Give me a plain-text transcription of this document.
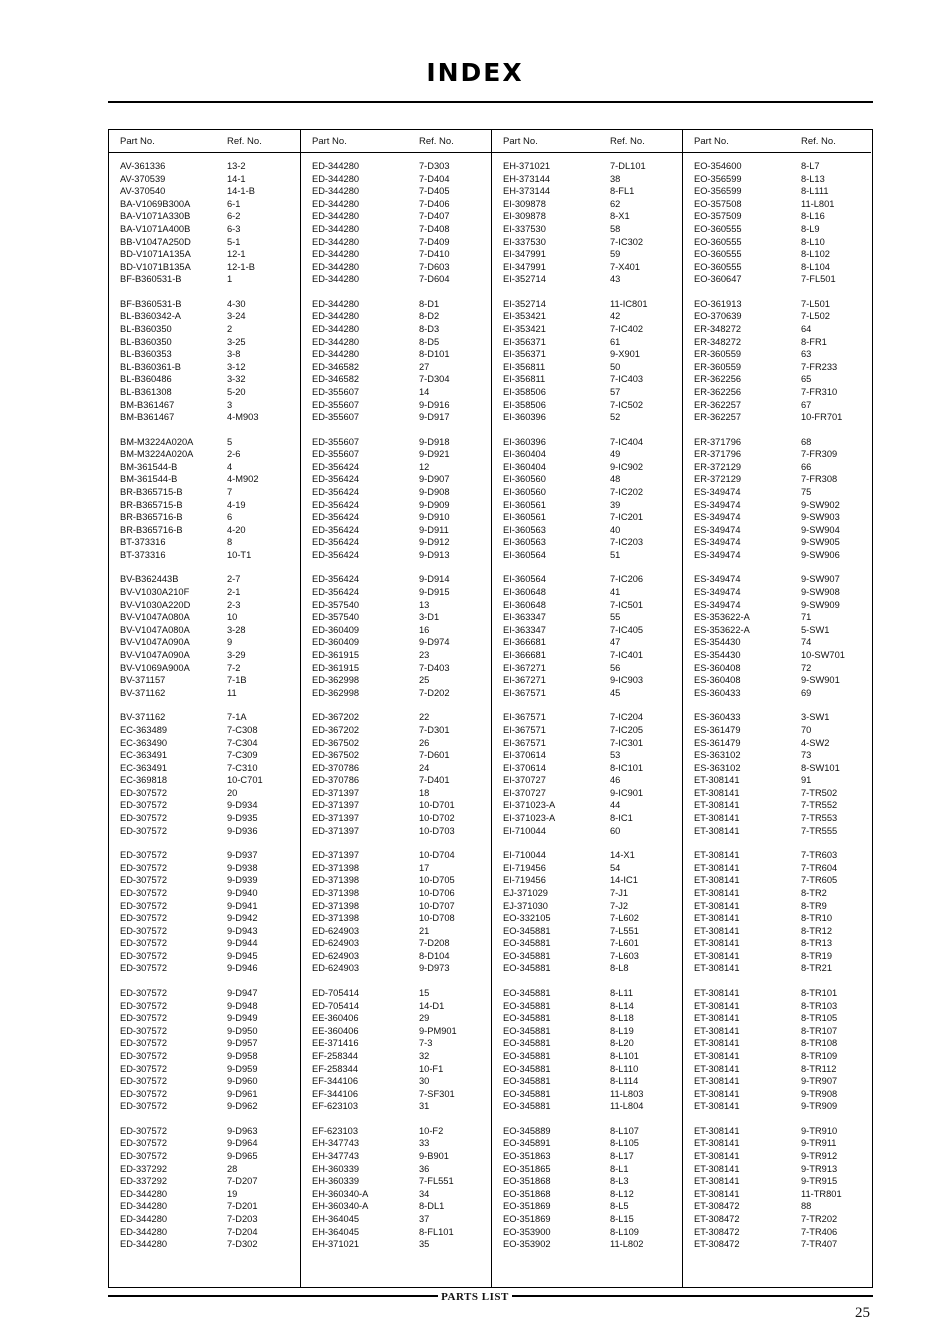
INDEX
Part No.	Ref. No.
AV-361336	13-2
AV-370539	14-1
AV-370540	14-1-B
BA-V1069B300A	6-1
BA-V1071A330B	6-2
BA-V1071A400B	6-3
BB-V1047A250D	5-1
BD-V1071A135A	12-1
BD-V1071B135A	12-1-B
BF-B360531-B	1
BF-B360531-B	4-30
BL-B360342-A	3-24
BL-B360350	2
BL-B360350	3-25
BL-B360353	3-8
BL-B360361-B	3-12
BL-B360486	3-32
BL-B361308	5-20
BM-B361467	3
BM-B361467	4-M903
BM-M3224A020A	5
BM-M3224A020A	2-6
BM-361544-B	4
BM-361544-B	4-M902
BR-B365715-B	7
BR-B365715-B	4-19
BR-B365716-B	6
BR-B365716-B	4-20
BT-373316	8
BT-373316	10-T1
BV-B362443B	2-7
BV-V1030A210F	2-1
BV-V1030A220D	2-3
BV-V1047A080A	10
BV-V1047A080A	3-28
BV-V1047A090A	9
BV-V1047A090A	3-29
BV-V1069A900A	7-2
BV-371157	7-1B
BV-371162	11
BV-371162	7-1A
EC-363489	7-C308
EC-363490	7-C304
EC-363491	7-C309
EC-363491	7-C310
EC-369818	10-C701
ED-307572	20
ED-307572	9-D934
ED-307572	9-D935
ED-307572	9-D936
ED-307572	9-D937
ED-307572	9-D938
ED-307572	9-D939
ED-307572	9-D940
ED-307572	9-D941
ED-307572	9-D942
ED-307572	9-D943
ED-307572	9-D944
ED-307572	9-D945
ED-307572	9-D946
ED-307572	9-D947
ED-307572	9-D948
ED-307572	9-D949
ED-307572	9-D950
ED-307572	9-D957
ED-307572	9-D958
ED-307572	9-D959
ED-307572	9-D960
ED-307572	9-D961
ED-307572	9-D962
ED-307572	9-D963
ED-307572	9-D964
ED-307572	9-D965
ED-337292	28
ED-337292	7-D207
ED-344280	19
ED-344280	7-D201
ED-344280	7-D203
ED-344280	7-D204
ED-344280	7-D302
Part No.	Ref. No.
ED-344280	7-D303
ED-344280	7-D404
ED-344280	7-D405
ED-344280	7-D406
ED-344280	7-D407
ED-344280	7-D408
ED-344280	7-D409
ED-344280	7-D410
ED-344280	7-D603
ED-344280	7-D604
ED-344280	8-D1
ED-344280	8-D2
ED-344280	8-D3
ED-344280	8-D5
ED-344280	8-D101
ED-346582	27
ED-346582	7-D304
ED-355607	14
ED-355607	9-D916
ED-355607	9-D917
ED-355607	9-D918
ED-355607	9-D921
ED-356424	12
ED-356424	9-D907
ED-356424	9-D908
ED-356424	9-D909
ED-356424	9-D910
ED-356424	9-D911
ED-356424	9-D912
ED-356424	9-D913
ED-356424	9-D914
ED-356424	9-D915
ED-357540	13
ED-357540	3-D1
ED-360409	16
ED-360409	9-D974
ED-361915	23
ED-361915	7-D403
ED-362998	25
ED-362998	7-D202
ED-367202	22
ED-367202	7-D301
ED-367502	26
ED-367502	7-D601
ED-370786	24
ED-370786	7-D401
ED-371397	18
ED-371397	10-D701
ED-371397	10-D702
ED-371397	10-D703
ED-371397	10-D704
ED-371398	17
ED-371398	10-D705
ED-371398	10-D706
ED-371398	10-D707
ED-371398	10-D708
ED-624903	21
ED-624903	7-D208
ED-624903	8-D104
ED-624903	9-D973
ED-705414	15
ED-705414	14-D1
EE-360406	29
EE-360406	9-PM901
EE-371416	7-3
EF-258344	32
EF-258344	10-F1
EF-344106	30
EF-344106	7-SF301
EF-623103	31
EF-623103	10-F2
EH-347743	33
EH-347743	9-B901
EH-360339	36
EH-360339	7-FL551
EH-360340-A	34
EH-360340-A	8-DL1
EH-364045	37
EH-364045	8-FL101
EH-371021	35
Part No.	Ref. No.
EH-371021	7-DL101
EH-373144	38
EH-373144	8-FL1
EI-309878	62
EI-309878	8-X1
EI-337530	58
EI-337530	7-IC302
EI-347991	59
EI-347991	7-X401
EI-352714	43
EI-352714	11-IC801
EI-353421	42
EI-353421	7-IC402
EI-356371	61
EI-356371	9-X901
EI-356811	50
EI-356811	7-IC403
EI-358506	57
EI-358506	7-IC502
EI-360396	52
EI-360396	7-IC404
EI-360404	49
EI-360404	9-IC902
EI-360560	48
EI-360560	7-IC202
EI-360561	39
EI-360561	7-IC201
EI-360563	40
EI-360563	7-IC203
EI-360564	51
EI-360564	7-IC206
EI-360648	41
EI-360648	7-IC501
EI-363347	55
EI-363347	7-IC405
EI-366681	47
EI-366681	7-IC401
EI-367271	56
EI-367271	9-IC903
EI-367571	45
EI-367571	7-IC204
EI-367571	7-IC205
EI-367571	7-IC301
EI-370614	53
EI-370614	8-IC101
EI-370727	46
EI-370727	9-IC901
EI-371023-A	44
EI-371023-A	8-IC1
EI-710044	60
EI-710044	14-X1
EI-719456	54
EI-719456	14-IC1
EJ-371029	7-J1
EJ-371030	7-J2
EO-332105	7-L602
EO-345881	7-L551
EO-345881	7-L601
EO-345881	7-L603
EO-345881	8-L8
EO-345881	8-L11
EO-345881	8-L14
EO-345881	8-L18
EO-345881	8-L19
EO-345881	8-L20
EO-345881	8-L101
EO-345881	8-L110
EO-345881	8-L114
EO-345881	11-L803
EO-345881	11-L804
EO-345889	8-L107
EO-345891	8-L105
EO-351863	8-L17
EO-351865	8-L1
EO-351868	8-L3
EO-351868	8-L12
EO-351869	8-L5
EO-351869	8-L15
EO-353900	8-L109
EO-353902	11-L802
Part No.	Ref. No.
EO-354600	8-L7
EO-356599	8-L13
EO-356599	8-L111
EO-357508	11-L801
EO-357509	8-L16
EO-360555	8-L9
EO-360555	8-L10
EO-360555	8-L102
EO-360555	8-L104
EO-360647	7-FL501
EO-361913	7-L501
EO-370639	7-L502
ER-348272	64
ER-348272	8-FR1
ER-360559	63
ER-360559	7-FR233
ER-362256	65
ER-362256	7-FR310
ER-362257	67
ER-362257	10-FR701
ER-371796	68
ER-371796	7-FR309
ER-372129	66
ER-372129	7-FR308
ES-349474	75
ES-349474	9-SW902
ES-349474	9-SW903
ES-349474	9-SW904
ES-349474	9-SW905
ES-349474	9-SW906
ES-349474	9-SW907
ES-349474	9-SW908
ES-349474	9-SW909
ES-353622-A	71
ES-353622-A	5-SW1
ES-354430	74
ES-354430	10-SW701
ES-360408	72
ES-360408	9-SW901
ES-360433	69
ES-360433	3-SW1
ES-361479	70
ES-361479	4-SW2
ES-363102	73
ES-363102	8-SW101
ET-308141	91
ET-308141	7-TR502
ET-308141	7-TR552
ET-308141	7-TR553
ET-308141	7-TR555
ET-308141	7-TR603
ET-308141	7-TR604
ET-308141	7-TR605
ET-308141	8-TR2
ET-308141	8-TR9
ET-308141	8-TR10
ET-308141	8-TR12
ET-308141	8-TR13
ET-308141	8-TR19
ET-308141	8-TR21
ET-308141	8-TR101
ET-308141	8-TR103
ET-308141	8-TR105
ET-308141	8-TR107
ET-308141	8-TR108
ET-308141	8-TR109
ET-308141	8-TR112
ET-308141	9-TR907
ET-308141	9-TR908
ET-308141	9-TR909
ET-308141	9-TR910
ET-308141	9-TR911
ET-308141	9-TR912
ET-308141	9-TR913
ET-308141	9-TR915
ET-308141	11-TR801
ET-308472	88
ET-308472	7-TR202
ET-308472	7-TR406
ET-308472	7-TR407
PARTS LIST
25
